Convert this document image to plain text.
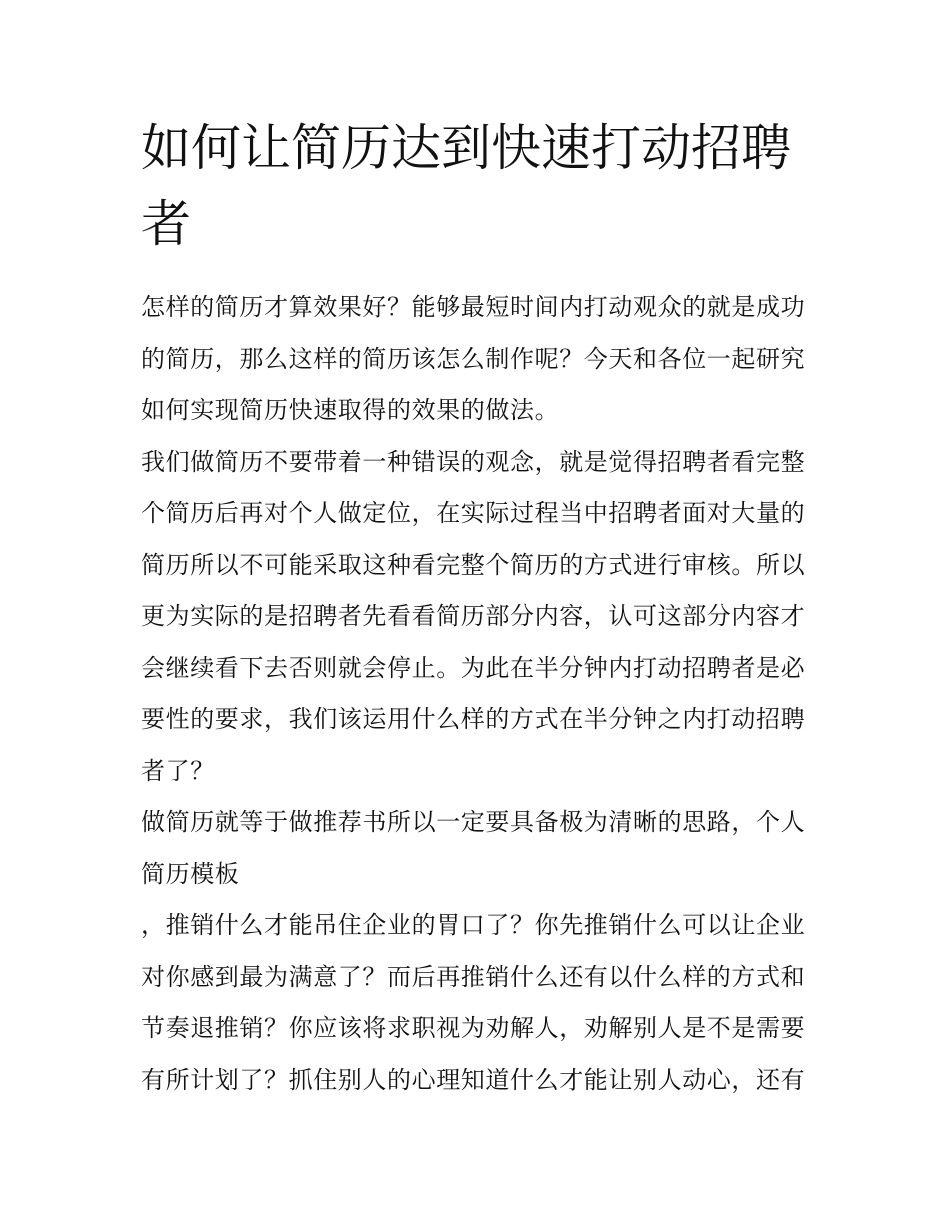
如何让简历达到快速打动招聘者

怎样的简历才算效果好？能够最短时间内打动观众的就是成功

的简历，那么这样的简历该怎么制作呢？今天和各位一起研究

如何实现简历快速取得的效果的做法。

我们做简历不要带着一种错误的观念，就是觉得招聘者看完整

个简历后再对个人做定位，在实际过程当中招聘者面对大量的

简历所以不可能采取这种看完整个简历的方式进行审核。所以

更为实际的是招聘者先看看简历部分内容，认可这部分内容才

会继续看下去否则就会停止。为此在半分钟内打动招聘者是必

要性的要求，我们该运用什么样的方式在半分钟之内打动招聘

者了？

做简历就等于做推荐书所以一定要具备极为清晰的思路，个人

简历模板

，推销什么才能吊住企业的胃口了？你先推销什么可以让企业

对你感到最为满意了？而后再推销什么还有以什么样的方式和

节奏退推销？你应该将求职视为劝解人，劝解别人是不是需要

有所计划了？抓住别人的心理知道什么才能让别人动心，还有
